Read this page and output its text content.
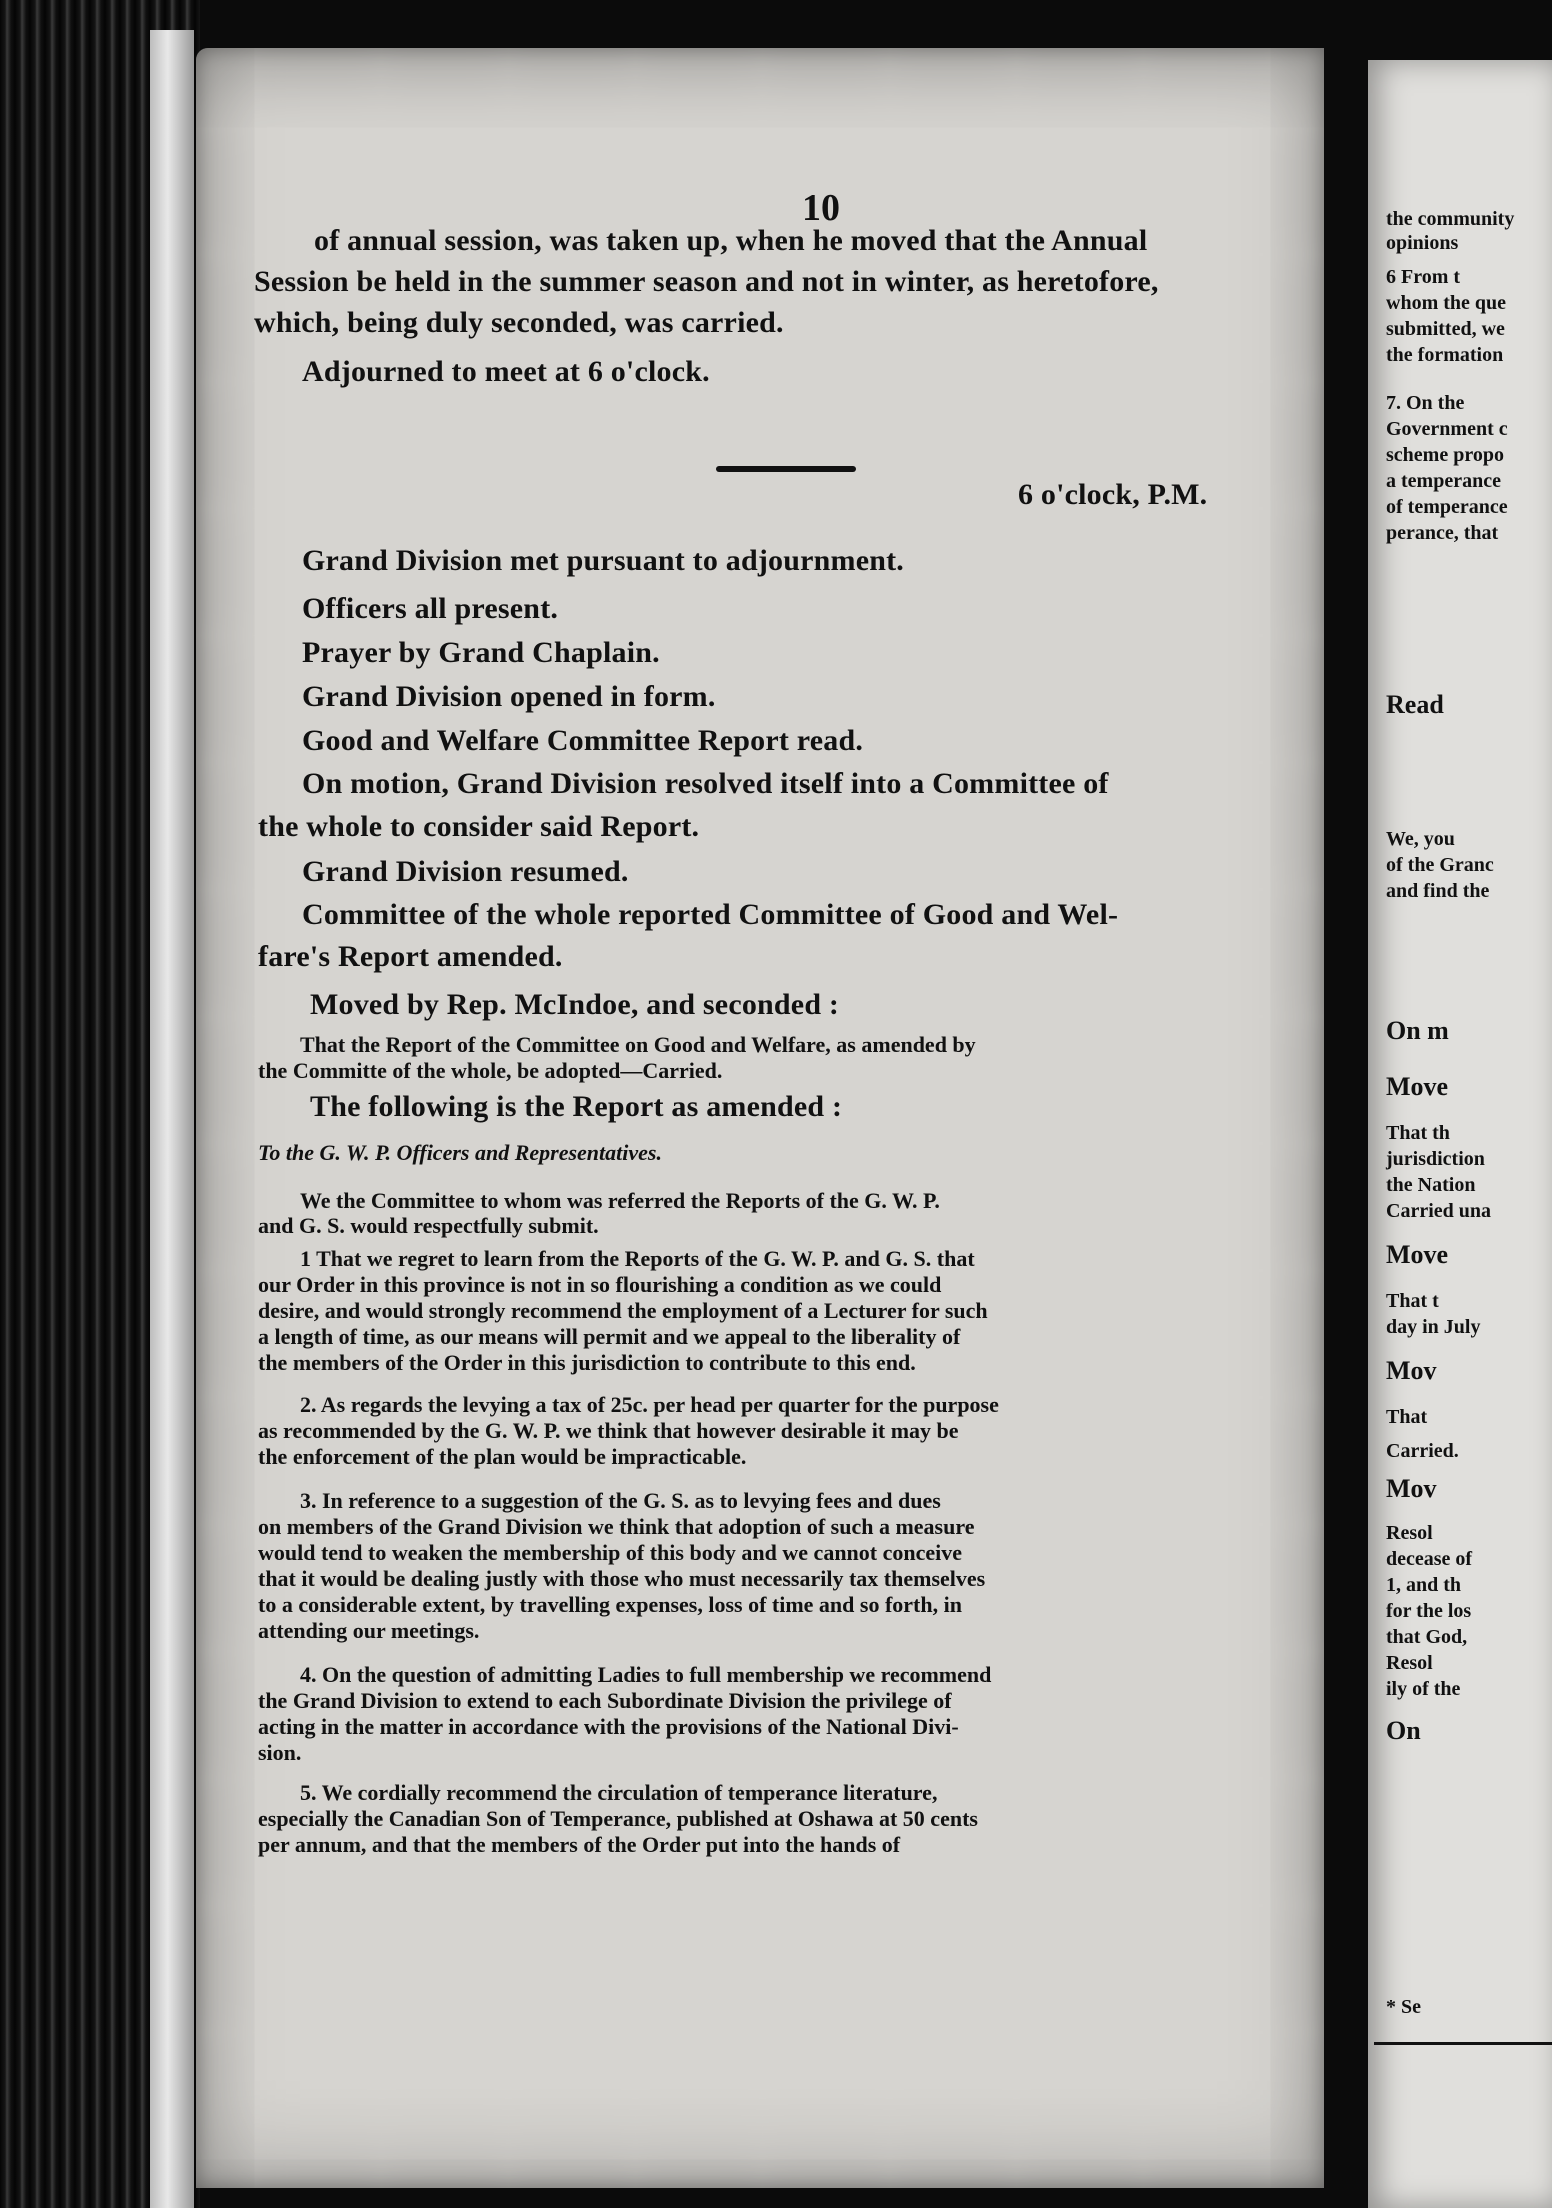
10
of annual session, was taken up, when he moved that the Annual
Session be held in the summer season and not in winter, as heretofore,
which, being duly seconded, was carried.
Adjourned to meet at 6 o'clock.
6 o'clock, P.M.
Grand Division met pursuant to adjournment.
Officers all present.
Prayer by Grand Chaplain.
Grand Division opened in form.
Good and Welfare Committee Report read.
On motion, Grand Division resolved itself into a Committee of
the whole to consider said Report.
Grand Division resumed.
Committee of the whole reported Committee of Good and Wel-
fare's Report amended.
Moved by Rep. McIndoe, and seconded :
That the Report of the Committee on Good and Welfare, as amended by
the Committe of the whole, be adopted—Carried.
The following is the Report as amended :
To the G. W. P. Officers and Representatives.
We the Committee to whom was referred the Reports of the G. W. P.
and G. S. would respectfully submit.
1 That we regret to learn from the Reports of the G. W. P. and G. S. that
our Order in this province is not in so flourishing a condition as we could
desire, and would strongly recommend the employment of a Lecturer for such
a length of time, as our means will permit and we appeal to the liberality of
the members of the Order in this jurisdiction to contribute to this end.
2. As regards the levying a tax of 25c. per head per quarter for the purpose
as recommended by the G. W. P. we think that however desirable it may be
the enforcement of the plan would be impracticable.
3. In reference to a suggestion of the G. S. as to levying fees and dues
on members of the Grand Division we think that adoption of such a measure
would tend to weaken the membership of this body and we cannot conceive
that it would be dealing justly with those who must necessarily tax themselves
to a considerable extent, by travelling expenses, loss of time and so forth, in
attending our meetings.
4. On the question of admitting Ladies to full membership we recommend
the Grand Division to extend to each Subordinate Division the privilege of
acting in the matter in accordance with the provisions of the National Divi-
sion.
5. We cordially recommend the circulation of temperance literature,
especially the Canadian Son of Temperance, published at Oshawa at 50 cents
per annum, and that the members of the Order put into the hands of
the community
opinions
6 From t
whom the que
submitted, we
the formation
7. On the
Government c
scheme propo
a temperance
of temperance
perance, that
Read
We, you
of the Granc
and find the
On m
Move
That th
jurisdiction
the Nation
Carried una
Move
That t
day in July
Mov
That
Carried.
Mov
Resol
decease of
1, and th
for the los
that God,
Resol
ily of the
On
* Se
